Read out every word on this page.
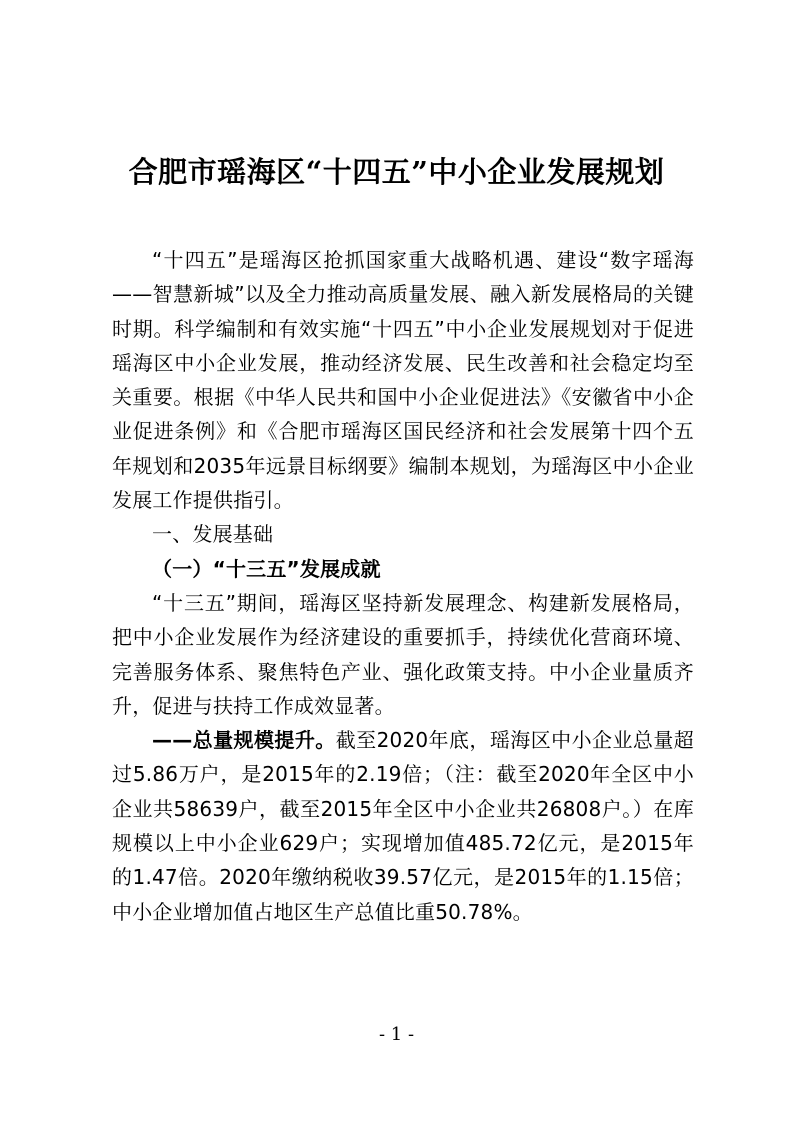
合肥市瑶海区“十四五”中小企业发展规划

“十四五”是瑶海区抢抓国家重大战略机遇、建设“数字瑶海——智慧新城”以及全力推动高质量发展、融入新发展格局的关键时期。科学编制和有效实施“十四五”中小企业发展规划对于促进瑶海区中小企业发展，推动经济发展、民生改善和社会稳定均至关重要。根据《中华人民共和国中小企业促进法》《安徽省中小企业促进条例》和《合肥市瑶海区国民经济和社会发展第十四个五年规划和2035年远景目标纲要》编制本规划，为瑶海区中小企业发展工作提供指引。

一、发展基础

（一）“十三五”发展成就

“十三五”期间，瑶海区坚持新发展理念、构建新发展格局，把中小企业发展作为经济建设的重要抓手，持续优化营商环境、完善服务体系、聚焦特色产业、强化政策支持。中小企业量质齐升，促进与扶持工作成效显著。

——总量规模提升。截至2020年底，瑶海区中小企业总量超过5.86万户，是2015年的2.19倍；（注：截至2020年全区中小企业共58639户，截至2015年全区中小企业共26808户。）在库规模以上中小企业629户；实现增加值485.72亿元，是2015年的1.47倍。2020年缴纳税收39.57亿元，是2015年的1.15倍；中小企业增加值占地区生产总值比重50.78%。

- 1 -
